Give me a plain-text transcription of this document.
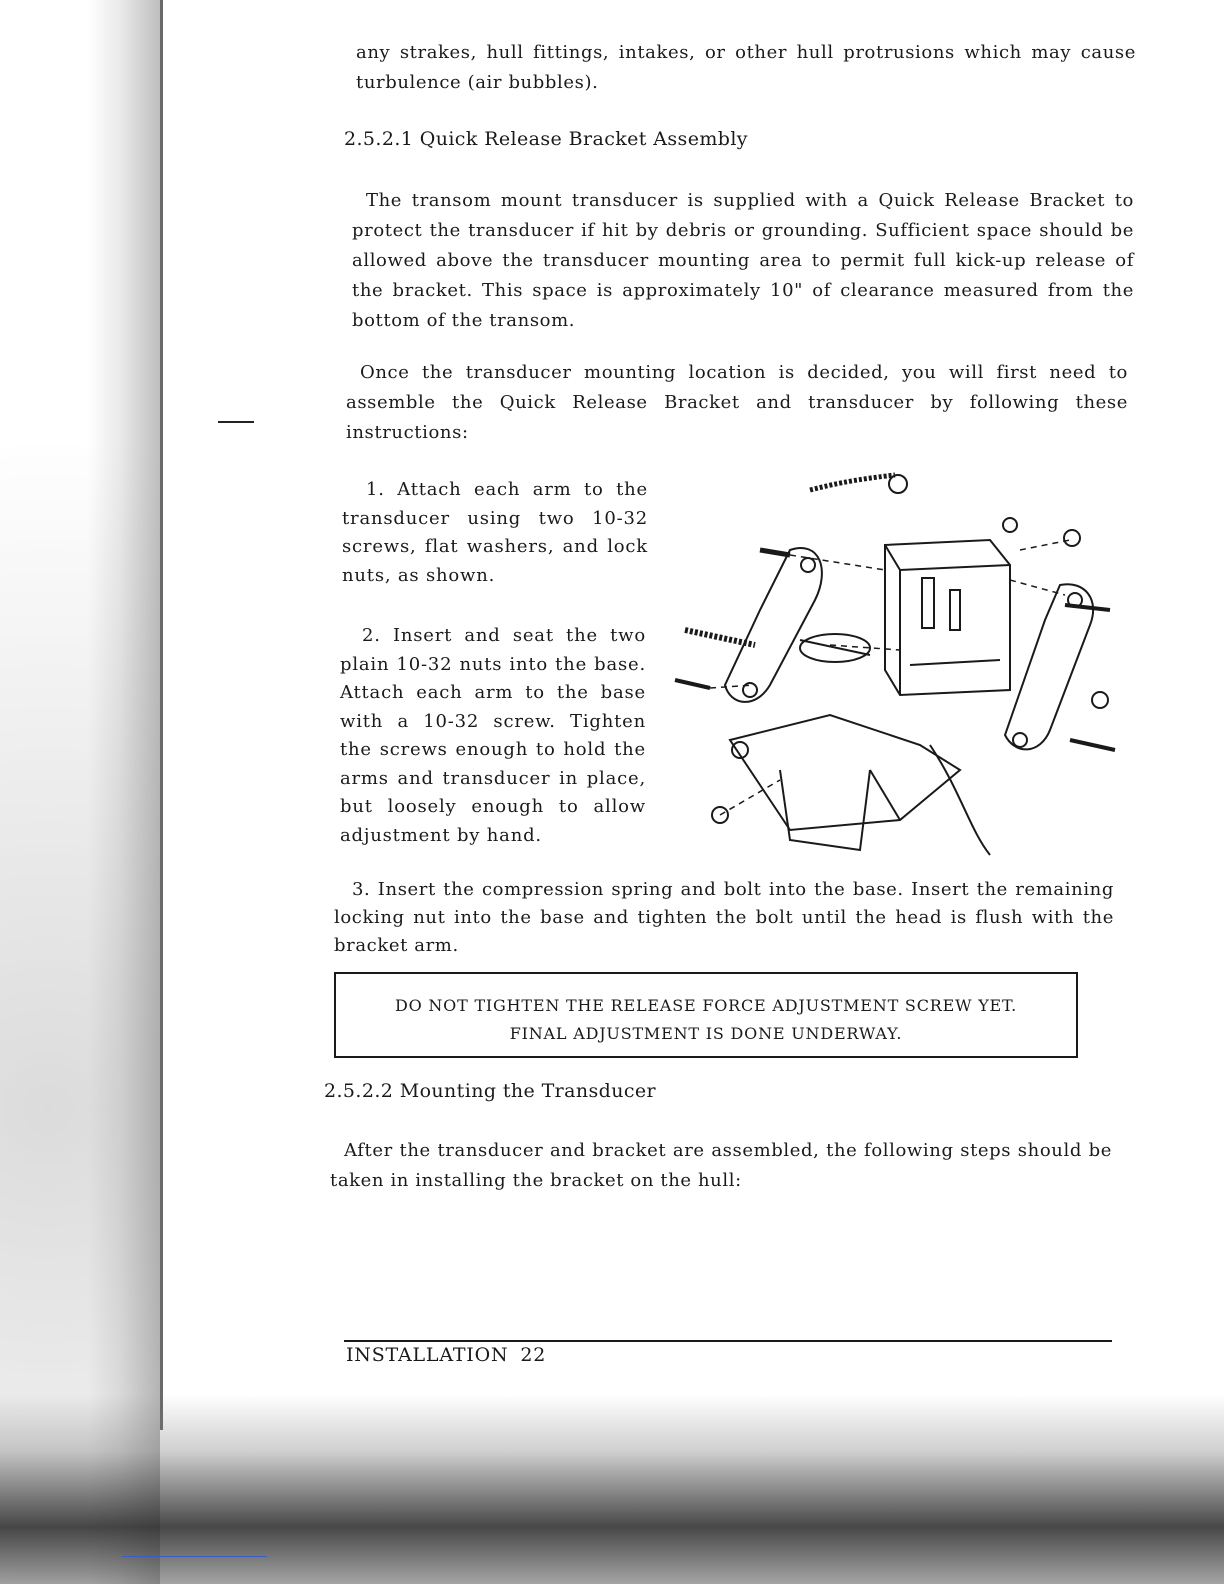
any strakes, hull fittings, intakes, or other hull protrusions which may cause turbulence (air bubbles).
2.5.2.1 Quick Release Bracket Assembly
The transom mount transducer is supplied with a Quick Release Bracket to protect the transducer if hit by debris or grounding. Sufficient space should be allowed above the transducer mounting area to permit full kick-up release of the bracket. This space is approximately 10" of clearance measured from the bottom of the transom.
Once the transducer mounting location is decided, you will first need to assemble the Quick Release Bracket and transducer by following these instructions:
1. Attach each arm to the transducer using two 10-32 screws, flat washers, and lock nuts, as shown.
2. Insert and seat the two plain 10-32 nuts into the base. Attach each arm to the base with a 10-32 screw. Tighten the screws enough to hold the arms and transducer in place, but loosely enough to allow adjustment by hand.
3. Insert the compression spring and bolt into the base. Insert the remaining locking nut into the base and tighten the bolt until the head is flush with the bracket arm.
DO NOT TIGHTEN THE RELEASE FORCE ADJUSTMENT SCREW YET.
FINAL ADJUSTMENT IS DONE UNDERWAY.
2.5.2.2 Mounting the Transducer
After the transducer and bracket are assembled, the following steps should be taken in installing the bracket on the hull:
INSTALLATION 22
